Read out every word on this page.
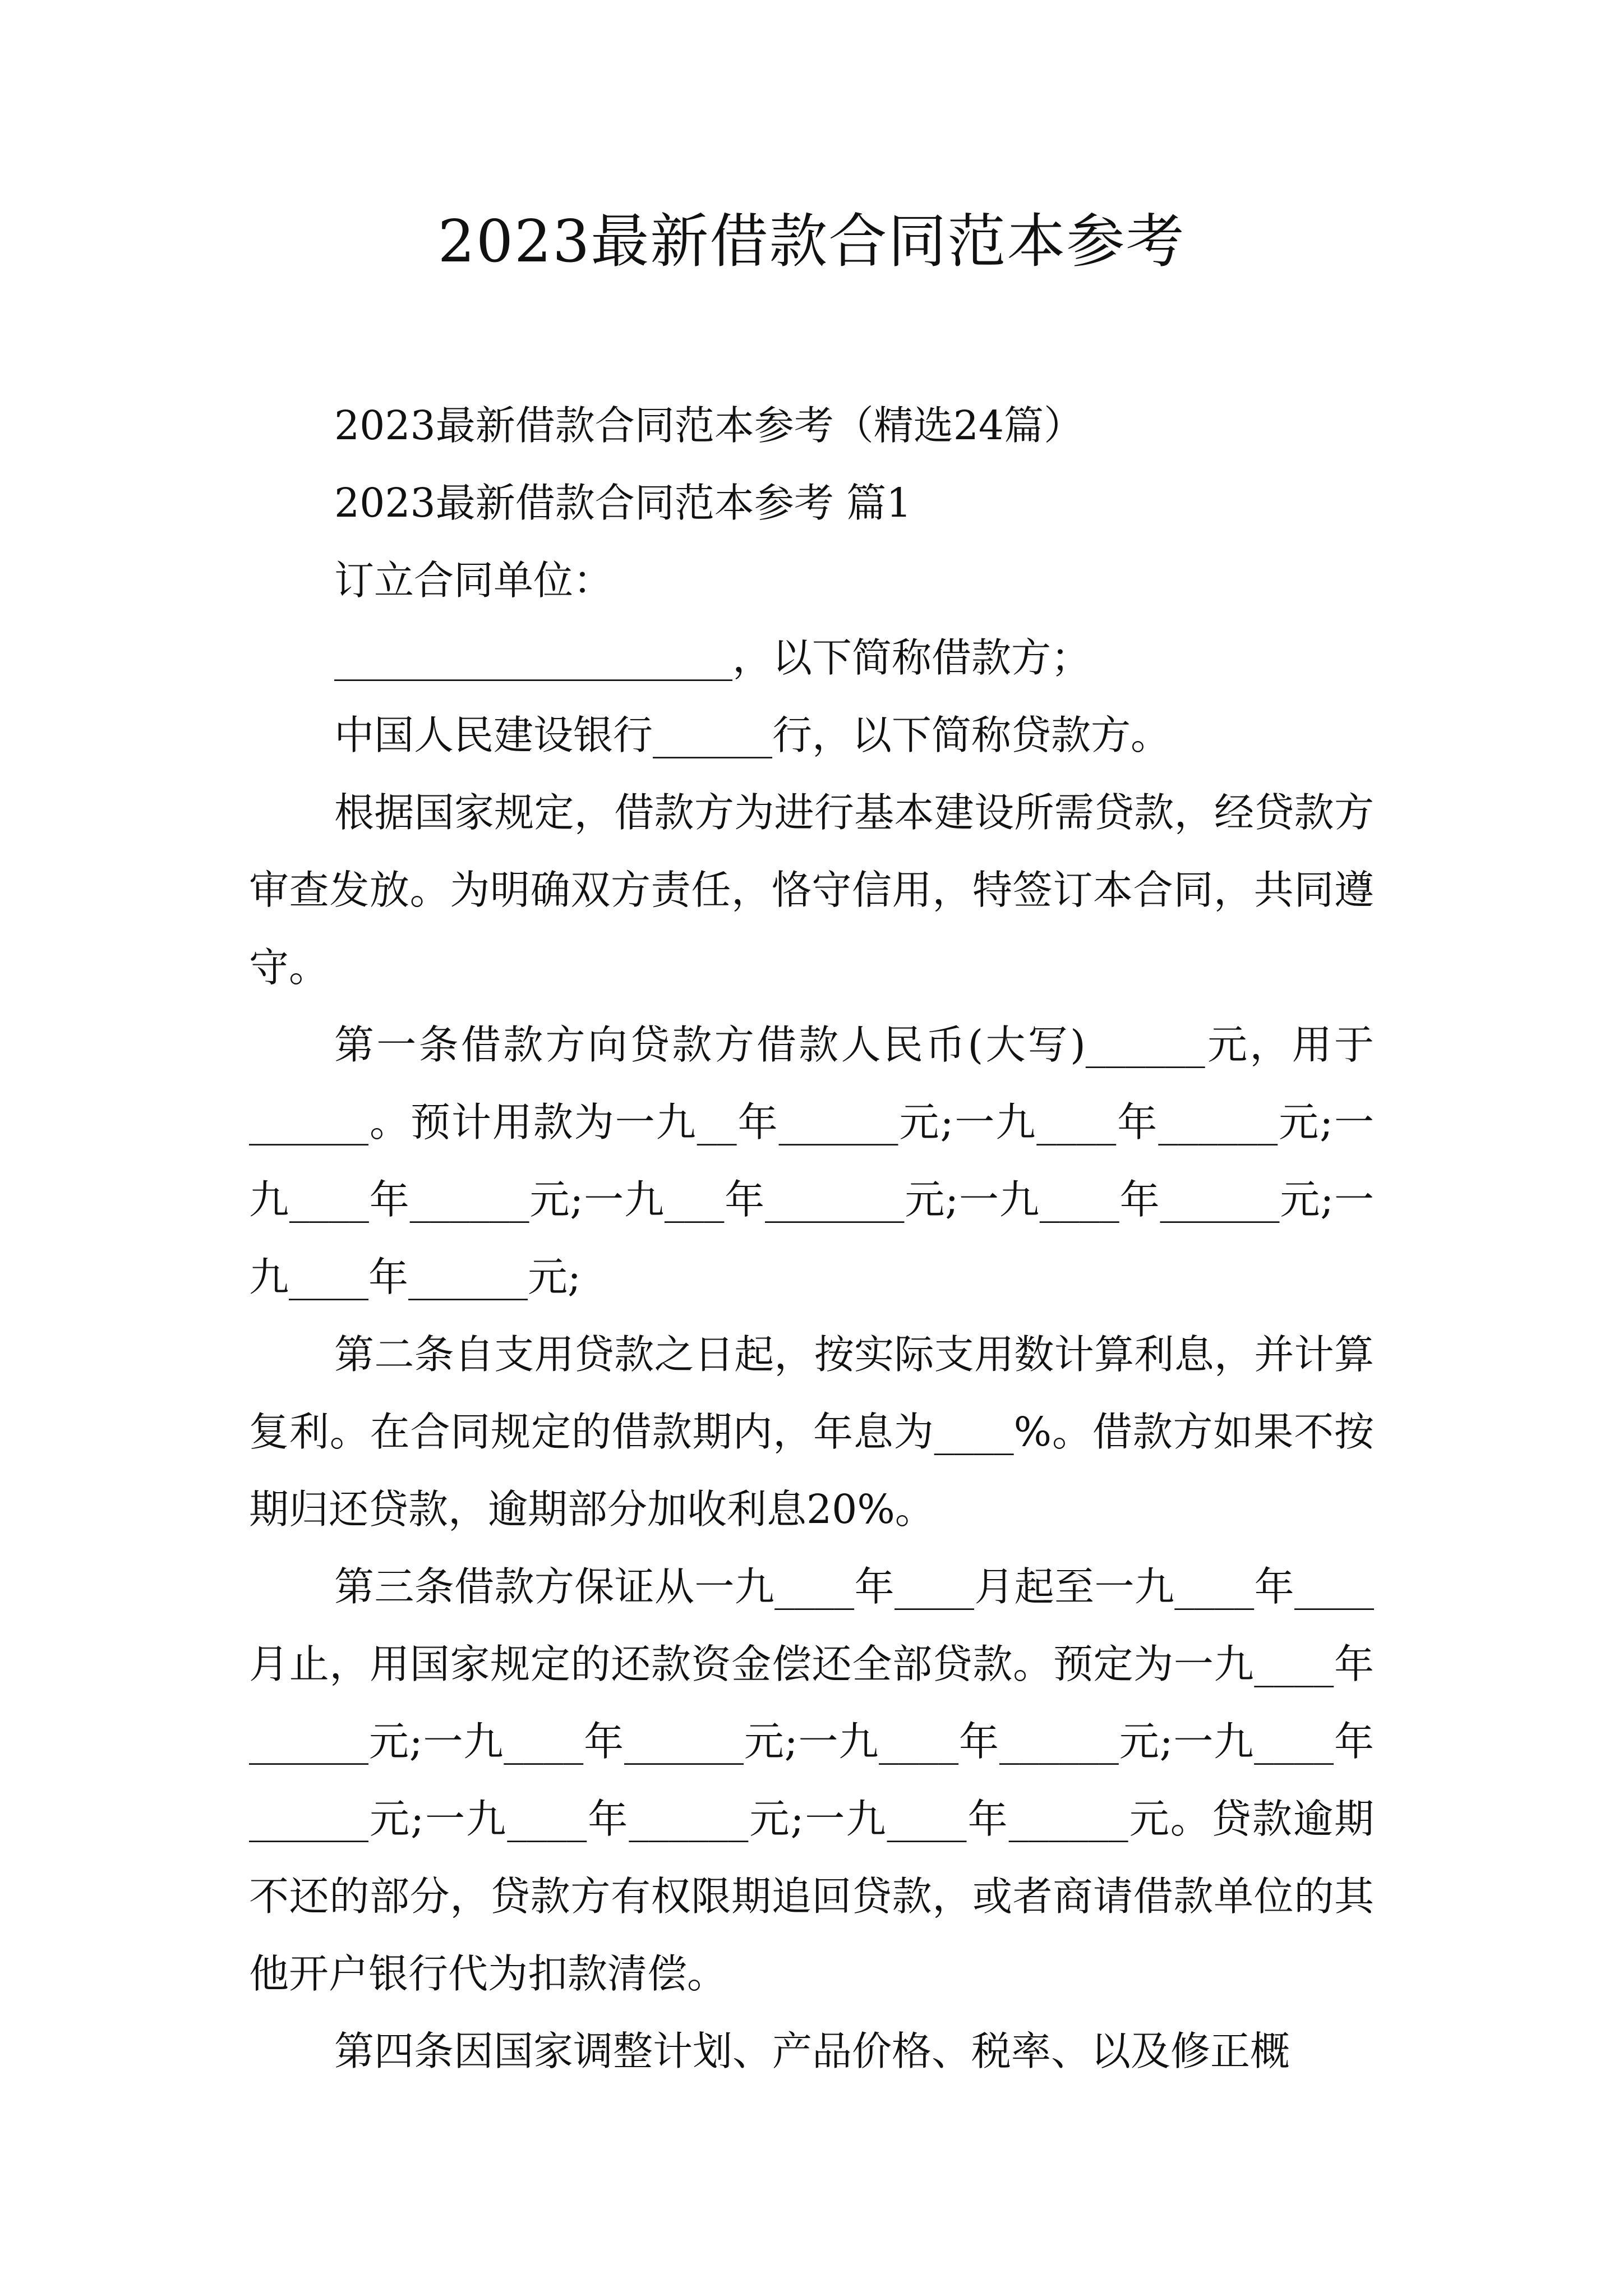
2023最新借款合同范本参考

2023最新借款合同范本参考（精选24篇）

2023最新借款合同范本参考 篇1

订立合同单位：

____________________，以下简称借款方；

中国人民建设银行______行，以下简称贷款方。

根据国家规定，借款方为进行基本建设所需贷款，经贷款方审查发放。为明确双方责任，恪守信用，特签订本合同，共同遵守。

第一条借款方向贷款方借款人民币(大写)______元，用于______。预计用款为一九__年______元;一九____年______元;一九____年______元;一九___年_______元;一九____年______元;一九____年______元;

第二条自支用贷款之日起，按实际支用数计算利息，并计算复利。在合同规定的借款期内，年息为____%。借款方如果不按期归还贷款，逾期部分加收利息20%。

第三条借款方保证从一九____年____月起至一九____年____月止，用国家规定的还款资金偿还全部贷款。预定为一九____年______元;一九____年______元;一九____年______元;一九____年______元;一九____年______元;一九____年______元。贷款逾期不还的部分，贷款方有权限期追回贷款，或者商请借款单位的其他开户银行代为扣款清偿。

第四条因国家调整计划、产品价格、税率、以及修正概
